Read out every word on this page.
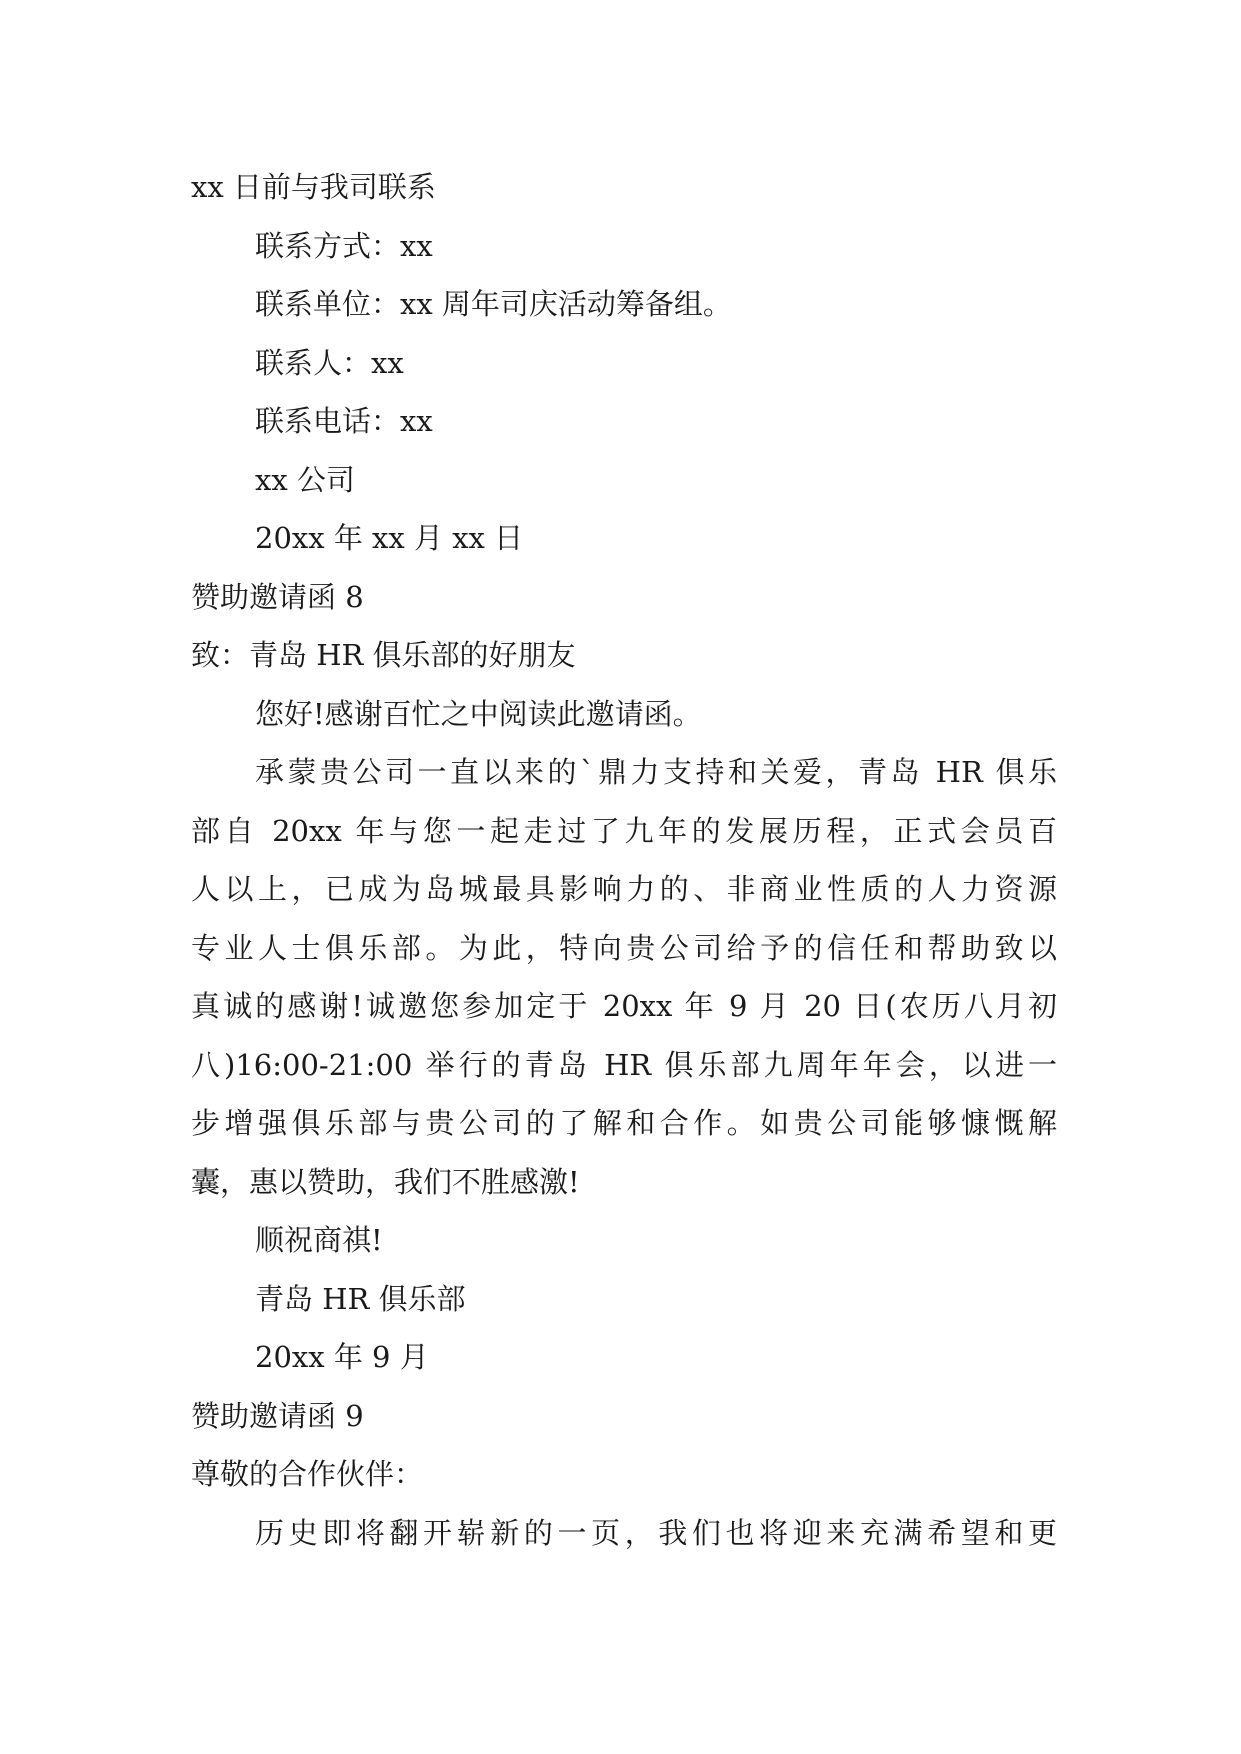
xx 日前与我司联系
联系方式：xx
联系单位：xx 周年司庆活动筹备组。
联系人：xx
联系电话：xx
xx 公司
20xx 年 xx 月 xx 日
赞助邀请函 8
致：青岛 HR 俱乐部的好朋友
您好!感谢百忙之中阅读此邀请函。
承蒙贵公司一直以来的`鼎力支持和关爱，青岛 HR 俱乐
部自 20xx 年与您一起走过了九年的发展历程，正式会员百
人以上，已成为岛城最具影响力的、非商业性质的人力资源
专业人士俱乐部。为此，特向贵公司给予的信任和帮助致以
真诚的感谢!诚邀您参加定于 20xx 年 9 月 20 日(农历八月初
八)16:00-21:00 举行的青岛 HR 俱乐部九周年年会，以进一
步增强俱乐部与贵公司的了解和合作。如贵公司能够慷慨解
囊，惠以赞助，我们不胜感激!
顺祝商祺!
青岛 HR 俱乐部
20xx 年 9 月
赞助邀请函 9
尊敬的合作伙伴：
历史即将翻开崭新的一页，我们也将迎来充满希望和更
